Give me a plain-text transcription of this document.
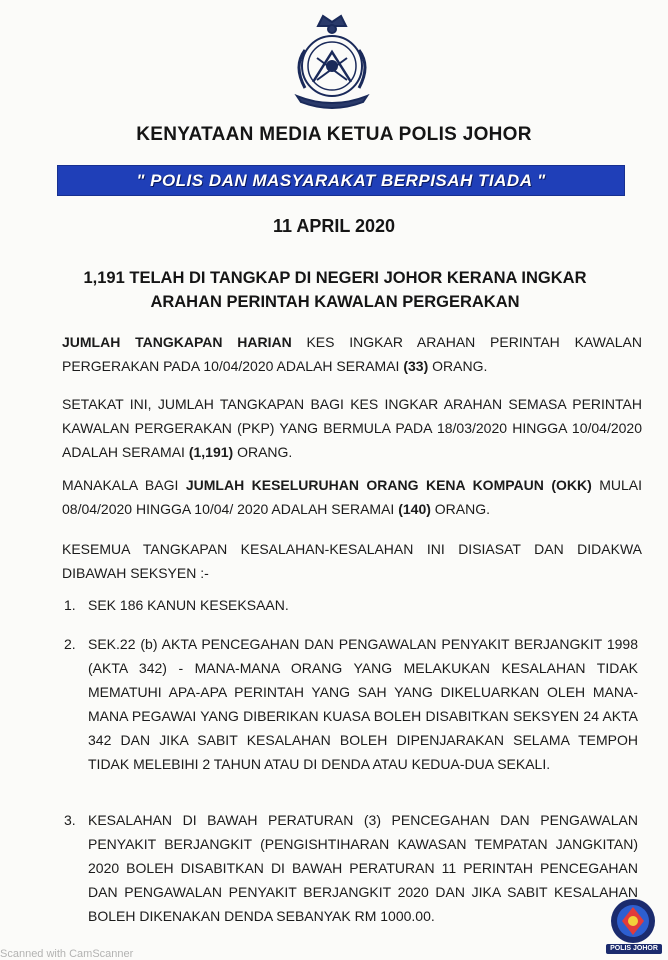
KENYATAAN MEDIA KETUA POLIS JOHOR
" POLIS DAN MASYARAKAT BERPISAH TIADA "
11 APRIL 2020
1,191 TELAH DI TANGKAP DI NEGERI JOHOR KERANA INGKAR
ARAHAN PERINTAH KAWALAN PERGERAKAN
JUMLAH TANGKAPAN HARIAN KES INGKAR ARAHAN PERINTAH KAWALAN PERGERAKAN PADA 10/04/2020 ADALAH SERAMAI (33) ORANG.
SETAKAT INI, JUMLAH TANGKAPAN BAGI KES INGKAR ARAHAN SEMASA PERINTAH KAWALAN PERGERAKAN (PKP) YANG BERMULA PADA 18/03/2020 HINGGA 10/04/2020 ADALAH SERAMAI (1,191) ORANG.
MANAKALA BAGI JUMLAH KESELURUHAN ORANG KENA KOMPAUN (OKK) MULAI 08/04/2020 HINGGA 10/04/ 2020 ADALAH SERAMAI (140) ORANG.
KESEMUA TANGKAPAN KESALAHAN-KESALAHAN INI DISIASAT DAN DIDAKWA DIBAWAH SEKSYEN :-
1. SEK 186 KANUN KESEKSAAN.
2. SEK.22 (b) AKTA PENCEGAHAN DAN PENGAWALAN PENYAKIT BERJANGKIT 1998 (AKTA 342) - MANA-MANA ORANG YANG MELAKUKAN KESALAHAN TIDAK MEMATUHI APA-APA PERINTAH YANG SAH YANG DIKELUARKAN OLEH MANA-MANA PEGAWAI YANG DIBERIKAN KUASA BOLEH DISABITKAN SEKSYEN 24 AKTA 342 DAN JIKA SABIT KESALAHAN BOLEH DIPENJARAKAN SELAMA TEMPOH TIDAK MELEBIHI 2 TAHUN ATAU DI DENDA ATAU KEDUA-DUA SEKALI.
3. KESALAHAN DI BAWAH PERATURAN (3) PENCEGAHAN DAN PENGAWALAN PENYAKIT BERJANGKIT (PENGISHTIHARAN KAWASAN TEMPATAN JANGKITAN) 2020 BOLEH DISABITKAN DI BAWAH PERATURAN 11 PERINTAH PENCEGAHAN DAN PENGAWALAN PENYAKIT BERJANGKIT 2020 DAN JIKA SABIT KESALAHAN BOLEH DIKENAKAN DENDA SEBANYAK RM 1000.00.
POLIS JOHOR
Scanned with CamScanner
